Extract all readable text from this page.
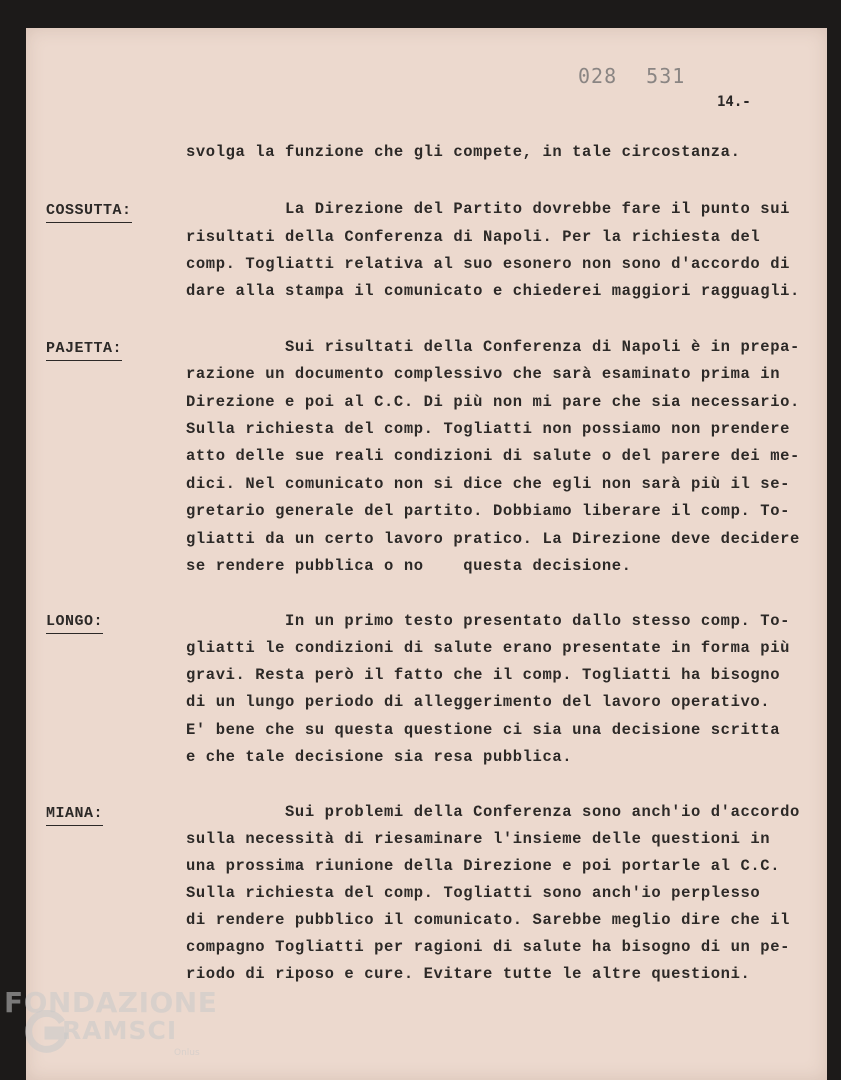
028 531
14.-
svolga la funzione che gli compete, in tale circostanza.
COSSUTTA:	La Direzione del Partito dovrebbe fare il punto sui
risultati della Conferenza di Napoli. Per la richiesta del
comp. Togliatti relativa al suo esonero non sono d'accordo di
dare alla stampa il comunicato e chiederei maggiori ragguagli.
PAJETTA:	Sui risultati della Conferenza di Napoli è in prepa-
razione un documento complessivo che sarà esaminato prima in
Direzione e poi al C.C. Di più non mi pare che sia necessario.
Sulla richiesta del comp. Togliatti non possiamo non prendere
atto delle sue reali condizioni di salute o del parere dei me-
dici. Nel comunicato non si dice che egli non sarà più il se-
gretario generale del partito. Dobbiamo liberare il comp. To-
gliatti da un certo lavoro pratico. La Direzione deve decidere
se rendere pubblica o no    questa decisione.
LONGO:	In un primo testo presentato dallo stesso comp. To-
gliatti le condizioni di salute erano presentate in forma più
gravi. Resta però il fatto che il comp. Togliatti ha bisogno
di un lungo periodo di alleggerimento del lavoro operativo.
E' bene che su questa questione ci sia una decisione scritta
e che tale decisione sia resa pubblica.
MIANA:	Sui problemi della Conferenza sono anch'io d'accordo
sulla necessità di riesaminare l'insieme delle questioni in
una prossima riunione della Direzione e poi portarle al C.C.
Sulla richiesta del comp. Togliatti sono anch'io perplesso
di rendere pubblico il comunicato. Sarebbe meglio dire che il
compagno Togliatti per ragioni di salute ha bisogno di un pe-
riodo di riposo e cure. Evitare tutte le altre questioni.
FONDAZIONE
RAMSCI
Onlus
